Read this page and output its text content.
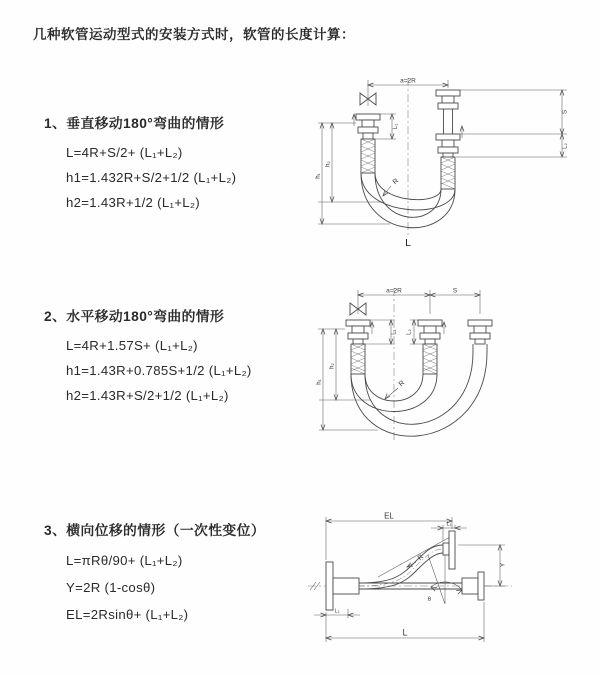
几种软管运动型式的安装方式时，软管的长度计算：
1、垂直移动180°弯曲的情形

L=4R+S/2+ (L₁+L₂)

h1=1.432R+S/2+1/2 (L₁+L₂)

h2=1.43R+1/2 (L₁+L₂)

2、水平移动180°弯曲的情形

L=4R+1.57S+ (L₁+L₂)

h1=1.43R+0.785S+1/2 (L₁+L₂)

h2=1.43R+S/2+1/2 (L₁+L₂)

3、横向位移的情形（一次性变位）

L=πRθ/90+ (L₁+L₂)

Y=2R (1-cosθ)

EL=2Rsinθ+ (L₁+L₂)

a=2R
h₁
h₂
L₁
S
L₂
R
L
a=2R	S
h₁
h₂
L₁ L₂
R
EL
L₁
θ
Y
L
L₁
R
